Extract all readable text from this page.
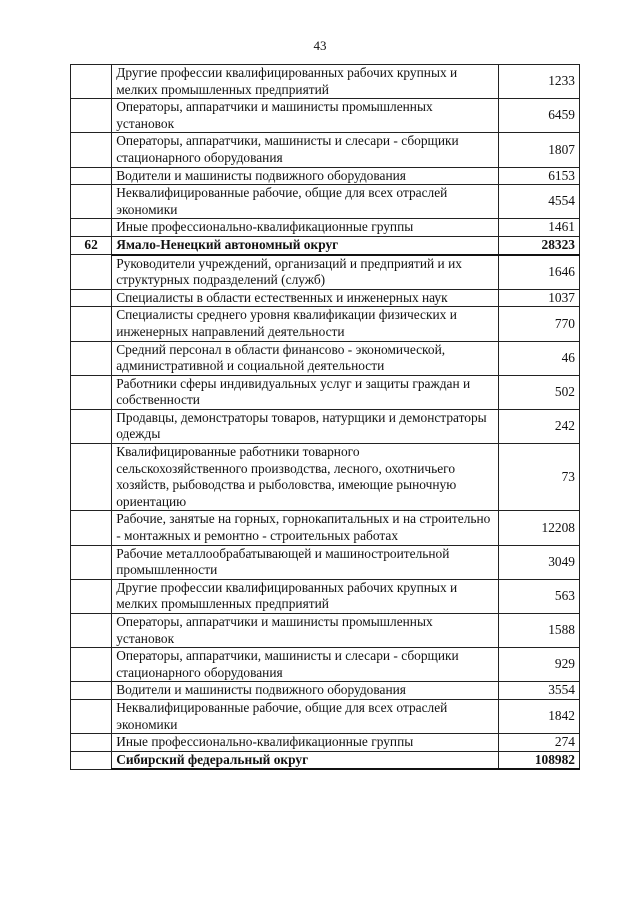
43
	Другие профессии квалифицированных рабочих крупных и мелких промышленных предприятий	1233
	Операторы, аппаратчики и машинисты промышленных установок	6459
	Операторы, аппаратчики, машинисты и слесари - сборщики стационарного оборудования	1807
	Водители и машинисты подвижного оборудования	6153
	Неквалифицированные рабочие, общие для всех отраслей экономики	4554
	Иные профессионально-квалификационные группы	1461
62	Ямало-Ненецкий автономный округ	28323
	Руководители учреждений, организаций и предприятий и их структурных подразделений (служб)	1646
	Специалисты в области естественных и инженерных наук	1037
	Специалисты среднего уровня квалификации физических и инженерных направлений деятельности	770
	Средний персонал в области финансово - экономической, административной и социальной деятельности	46
	Работники сферы индивидуальных услуг и защиты граждан и собственности	502
	Продавцы, демонстраторы товаров, натурщики и демонстраторы одежды	242
	Квалифицированные работники товарного сельскохозяйственного производства, лесного, охотничьего хозяйств, рыбоводства и рыболовства, имеющие рыночную ориентацию	73
	Рабочие, занятые на горных, горнокапитальных и на строительно - монтажных и ремонтно - строительных работах	12208
	Рабочие металлообрабатывающей и машиностроительной промышленности	3049
	Другие профессии квалифицированных рабочих крупных и мелких промышленных предприятий	563
	Операторы, аппаратчики и машинисты промышленных установок	1588
	Операторы, аппаратчики, машинисты и слесари - сборщики стационарного оборудования	929
	Водители и машинисты подвижного оборудования	3554
	Неквалифицированные рабочие, общие для всех отраслей экономики	1842
	Иные профессионально-квалификационные группы	274
	Сибирский федеральный округ	108982
